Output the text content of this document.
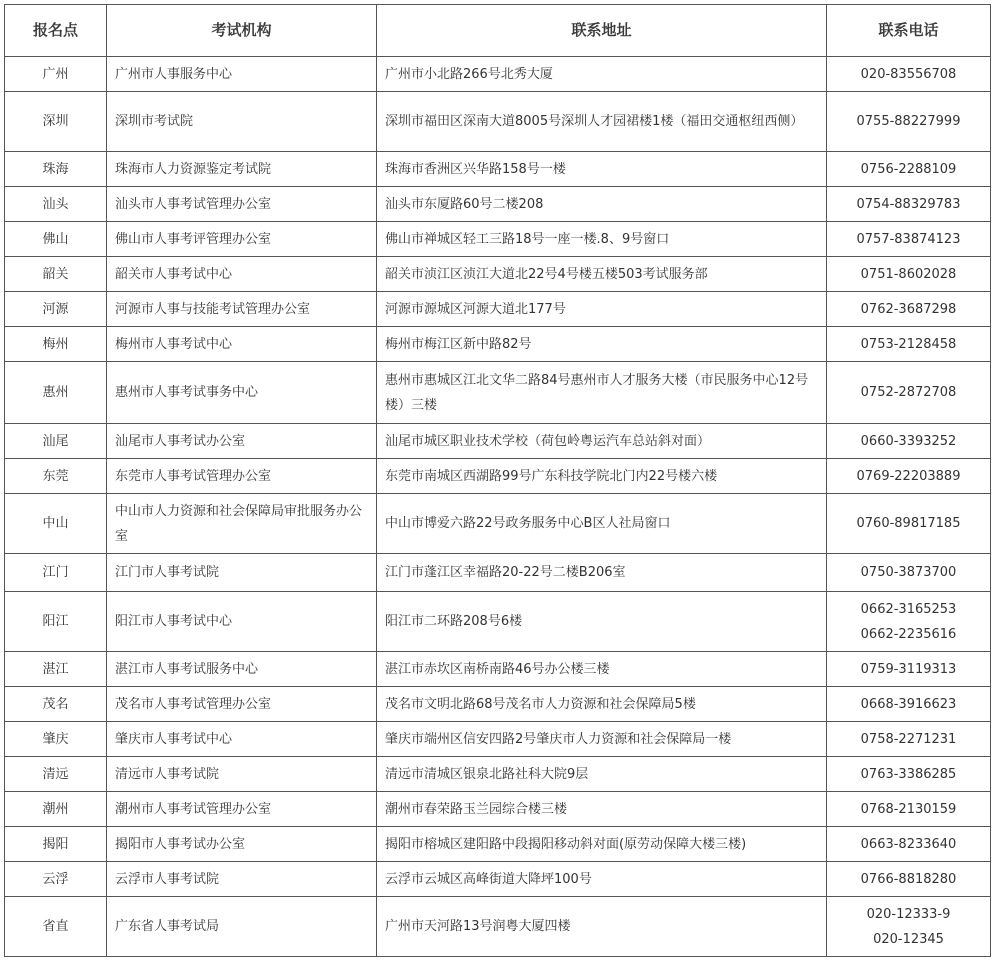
报名点	考试机构	联系地址	联系电话
广州	广州市人事服务中心	广州市小北路266号北秀大厦	020-83556708

深圳	深圳市考试院	深圳市福田区深南大道8005号深圳人才园裙楼1楼（福田交通枢纽西侧）	0755-88227999

珠海	珠海市人力资源鉴定考试院	珠海市香洲区兴华路158号一楼	0756-2288109

汕头	汕头市人事考试管理办公室	汕头市东厦路60号二楼208	0754-88329783

佛山	佛山市人事考评管理办公室	佛山市禅城区轻工三路18号一座一楼.8、9号窗口	0757-83874123

韶关	韶关市人事考试中心	韶关市浈江区浈江大道北22号4号楼五楼503考试服务部	0751-8602028

河源	河源市人事与技能考试管理办公室	河源市源城区河源大道北177号	0762-3687298

梅州	梅州市人事考试中心	梅州市梅江区新中路82号	0753-2128458

惠州	惠州市人事考试事务中心	惠州市惠城区江北文华二路84号惠州市人才服务大楼（市民服务中心12号楼）三楼	0752-2872708

汕尾	汕尾市人事考试办公室	汕尾市城区职业技术学校（荷包岭粤运汽车总站斜对面）	0660-3393252

东莞	东莞市人事考试管理办公室	东莞市南城区西湖路99号广东科技学院北门内22号楼六楼	0769-22203889

中山	中山市人力资源和社会保障局审批服务办公室	中山市博爱六路22号政务服务中心B区人社局窗口	0760-89817185

江门	江门市人事考试院	江门市蓬江区幸福路20-22号二楼B206室	0750-3873700

阳江	阳江市人事考试中心	阳江市二环路208号6楼	0662-3165253
0662-2235616

湛江	湛江市人事考试服务中心	湛江市赤坎区南桥南路46号办公楼三楼	0759-3119313

茂名	茂名市人事考试管理办公室	茂名市文明北路68号茂名市人力资源和社会保障局5楼	0668-3916623

肇庆	肇庆市人事考试中心	肇庆市端州区信安四路2号肇庆市人力资源和社会保障局一楼	0758-2271231

清远	清远市人事考试院	清远市清城区银泉北路社科大院9层	0763-3386285

潮州	潮州市人事考试管理办公室	潮州市春荣路玉兰园综合楼三楼	0768-2130159

揭阳	揭阳市人事考试办公室	揭阳市榕城区建阳路中段揭阳移动斜对面(原劳动保障大楼三楼)	0663-8233640

云浮	云浮市人事考试院	云浮市云城区高峰街道大降坪100号	0766-8818280

省直	广东省人事考试局	广州市天河路13号润粤大厦四楼	020-12333-9
020-12345
